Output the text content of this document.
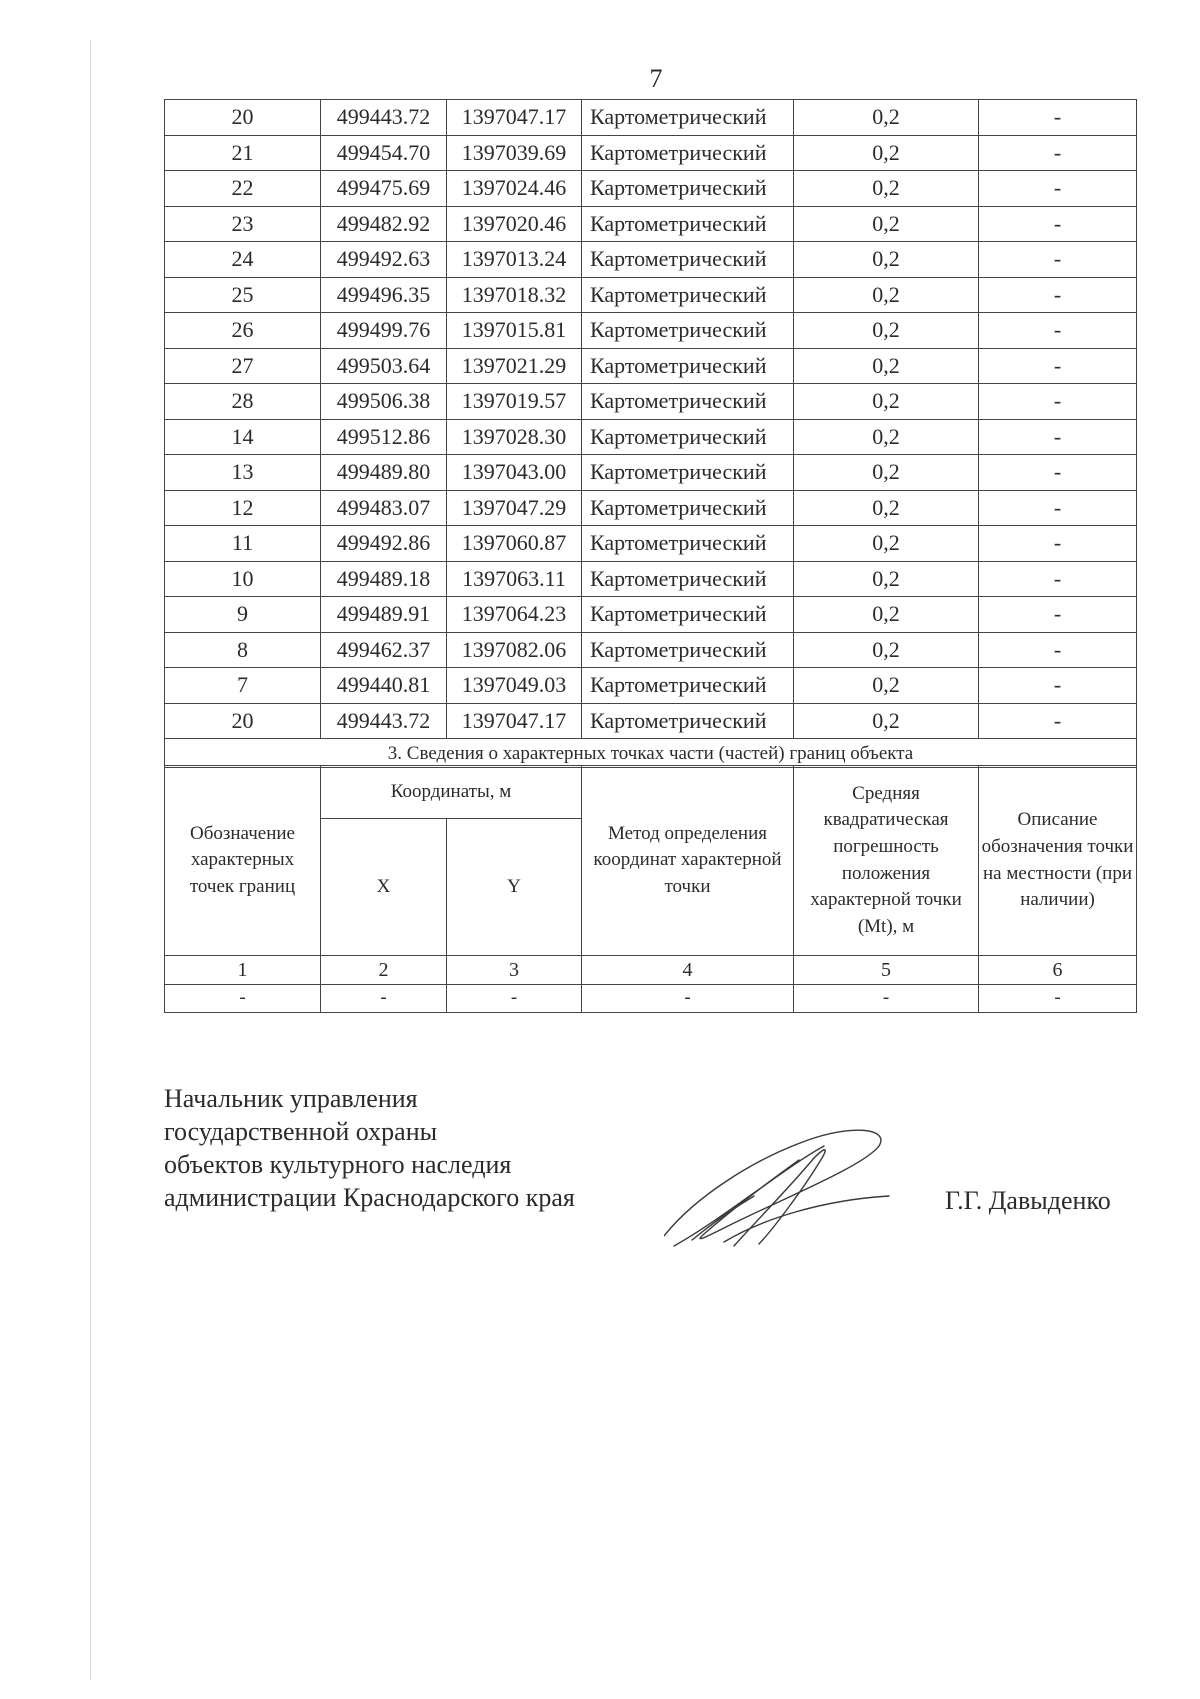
7
20	499443.72	1397047.17	Картометрический	0,2	-
21	499454.70	1397039.69	Картометрический	0,2	-
22	499475.69	1397024.46	Картометрический	0,2	-
23	499482.92	1397020.46	Картометрический	0,2	-
24	499492.63	1397013.24	Картометрический	0,2	-
25	499496.35	1397018.32	Картометрический	0,2	-
26	499499.76	1397015.81	Картометрический	0,2	-
27	499503.64	1397021.29	Картометрический	0,2	-
28	499506.38	1397019.57	Картометрический	0,2	-
14	499512.86	1397028.30	Картометрический	0,2	-
13	499489.80	1397043.00	Картометрический	0,2	-
12	499483.07	1397047.29	Картометрический	0,2	-
11	499492.86	1397060.87	Картометрический	0,2	-
10	499489.18	1397063.11	Картометрический	0,2	-
9	499489.91	1397064.23	Картометрический	0,2	-
8	499462.37	1397082.06	Картометрический	0,2	-
7	499440.81	1397049.03	Картометрический	0,2	-
20	499443.72	1397047.17	Картометрический	0,2	-
3. Сведения о характерных точках части (частей) границ объекта					
Обозначение характерных точек границ	Координаты, м		Метод определения координат характерной точки	Средняя квадратическая погрешность положения характерной точки (Mt), м	Описание обозначения точки на местности (при наличии)
	X	Y			
1	2	3	4	5	6
-	-	-	-	-	-
Начальник управления
государственной охраны
объектов культурного наследия
администрации Краснодарского края	Г.Г. Давыденко
